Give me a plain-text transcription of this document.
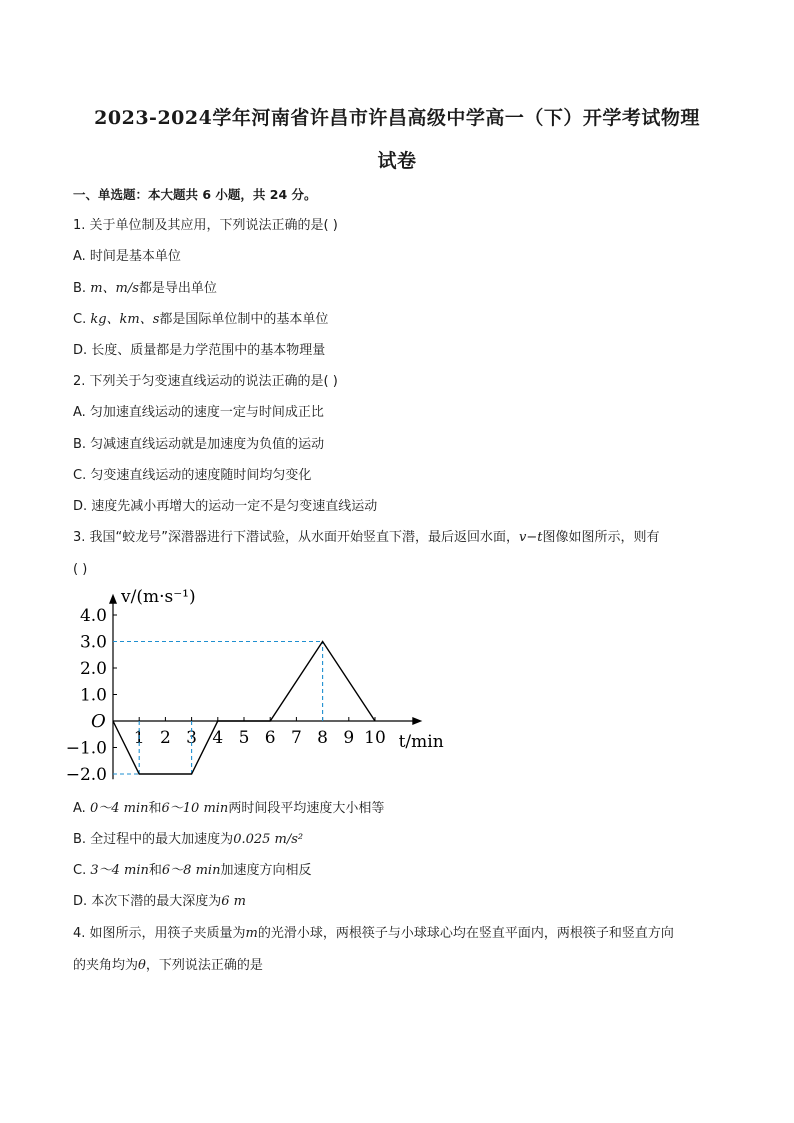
2023-2024学年河南省许昌市许昌高级中学高一（下）开学考试物理
试卷
一、单选题：本大题共 6 小题，共 24 分。
1. 关于单位制及其应用，下列说法正确的是( )
A. 时间是基本单位
B. m、m/s都是导出单位
C. kg、km、s都是国际单位制中的基本单位
D. 长度、质量都是力学范围中的基本物理量
2. 下列关于匀变速直线运动的说法正确的是( )
A. 匀加速直线运动的速度一定与时间成正比
B. 匀减速直线运动就是加速度为负值的运动
C. 匀变速直线运动的速度随时间均匀变化
D. 速度先减小再增大的运动一定不是匀变速直线运动
3. 我国“蛟龙号”深潜器进行下潜试验，从水面开始竖直下潜，最后返回水面，v−t图像如图所示，则有
( )
v/(m·s⁻¹)
t/min
O
1 2 3 4 5 6 7 8 9 10
4.0
3.0
2.0
1.0
−1.0
−2.0
A. 0～4 min和6～10 min两时间段平均速度大小相等
B. 全过程中的最大加速度为0.025 m/s²
C. 3～4 min和6～8 min加速度方向相反
D. 本次下潜的最大深度为6 m
4. 如图所示，用筷子夹质量为m的光滑小球，两根筷子与小球球心均在竖直平面内，两根筷子和竖直方向
的夹角均为θ，下列说法正确的是
